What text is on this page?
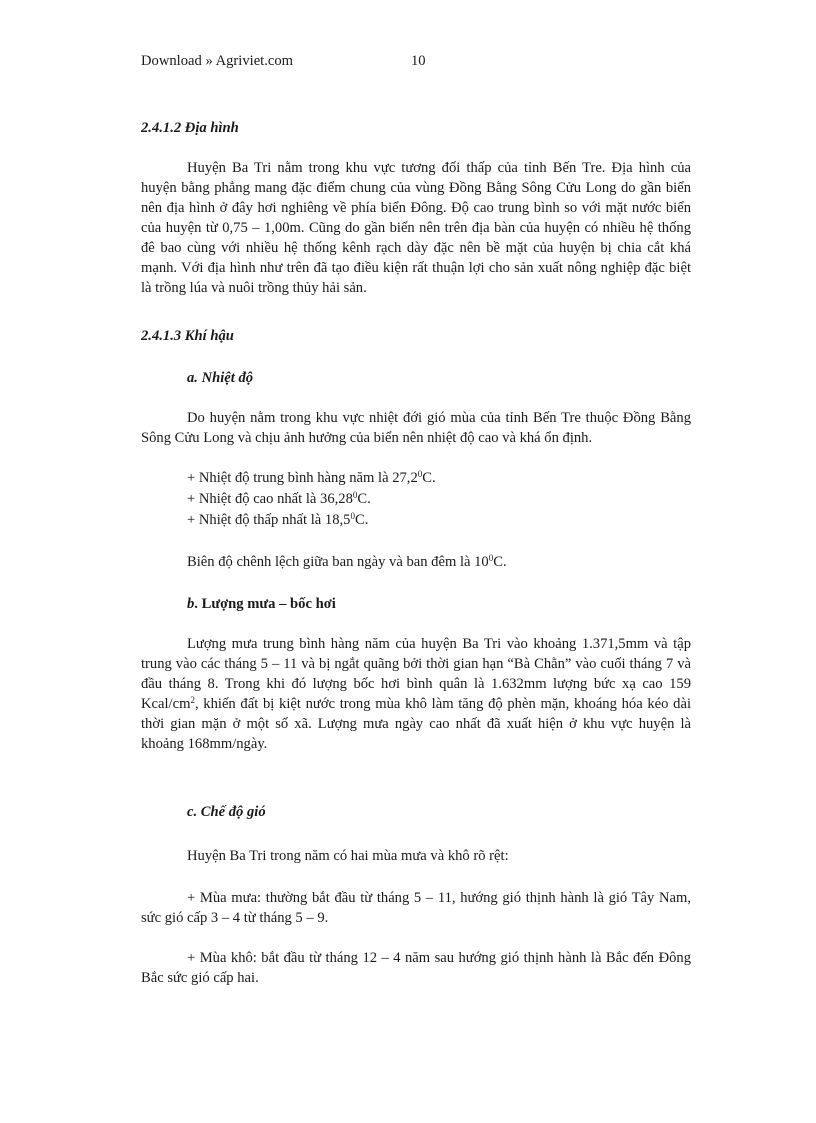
Download » Agriviet.com	10
2.4.1.2 Địa hình

Huyện Ba Tri nằm trong khu vực tương đối thấp của tỉnh Bến Tre. Địa hình của huyện bằng phẳng mang đặc điểm chung của vùng Đồng Bằng Sông Cửu Long do gần biển nên địa hình ở đây hơi nghiêng về phía biển Đông. Độ cao trung bình so với mặt nước biển của huyện từ 0,75 – 1,00m. Cũng do gần biển nên trên địa bàn của huyện có nhiều hệ thống đê bao cùng với nhiều hệ thống kênh rạch dày đặc nên bề mặt của huyện bị chia cắt khá mạnh. Với địa hình như trên đã tạo điều kiện rất thuận lợi cho sản xuất nông nghiệp đặc biệt là trồng lúa và nuôi trồng thủy hải sản.

2.4.1.3 Khí hậu
a. Nhiệt độ

Do huyện nằm trong khu vực nhiệt đới gió mùa của tỉnh Bến Tre thuộc Đồng Bằng Sông Cửu Long và chịu ảnh hưởng của biển nên nhiệt độ cao và khá ổn định.

+ Nhiệt độ trung bình hàng năm là $27,2^0C$.
+ Nhiệt độ cao nhất là $36,28^0C$.
+ Nhiệt độ thấp nhất là 18,5$^0$C.
Biên độ chênh lệch giữa ban ngày và ban đêm là $10^0C$.
b. Lượng mưa – bốc hơi

Lượng mưa trung bình hàng năm của huyện Ba Tri vào khoảng 1.371,5mm và tập trung vào các tháng 5 – 11 và bị ngắt quãng bởi thời gian hạn “Bà Chằn” vào cuối tháng 7 và đầu tháng 8. Trong khi đó lượng bốc hơi bình quân là 1.632mm lượng bức xạ cao 159 Kcal/$cm^2$, khiến đất bị kiệt nước trong mùa khô làm tăng độ phèn mặn, khoáng hóa kéo dài thời gian mặn ở một số xã. Lượng mưa ngày cao nhất đã xuất hiện ở khu vực huyện là khoảng 168mm/ngày.

c. Chế độ gió
Huyện Ba Tri trong năm có hai mùa mưa và khô rõ rệt:

+ Mùa mưa: thường bắt đầu từ tháng 5 – 11, hướng gió thịnh hành là gió Tây Nam, sức gió cấp 3 – 4 từ tháng 5 – 9.

+ Mùa khô: bắt đầu từ tháng 12 – 4 năm sau hướng gió thịnh hành là Bắc đến Đông Bắc sức gió cấp hai.
